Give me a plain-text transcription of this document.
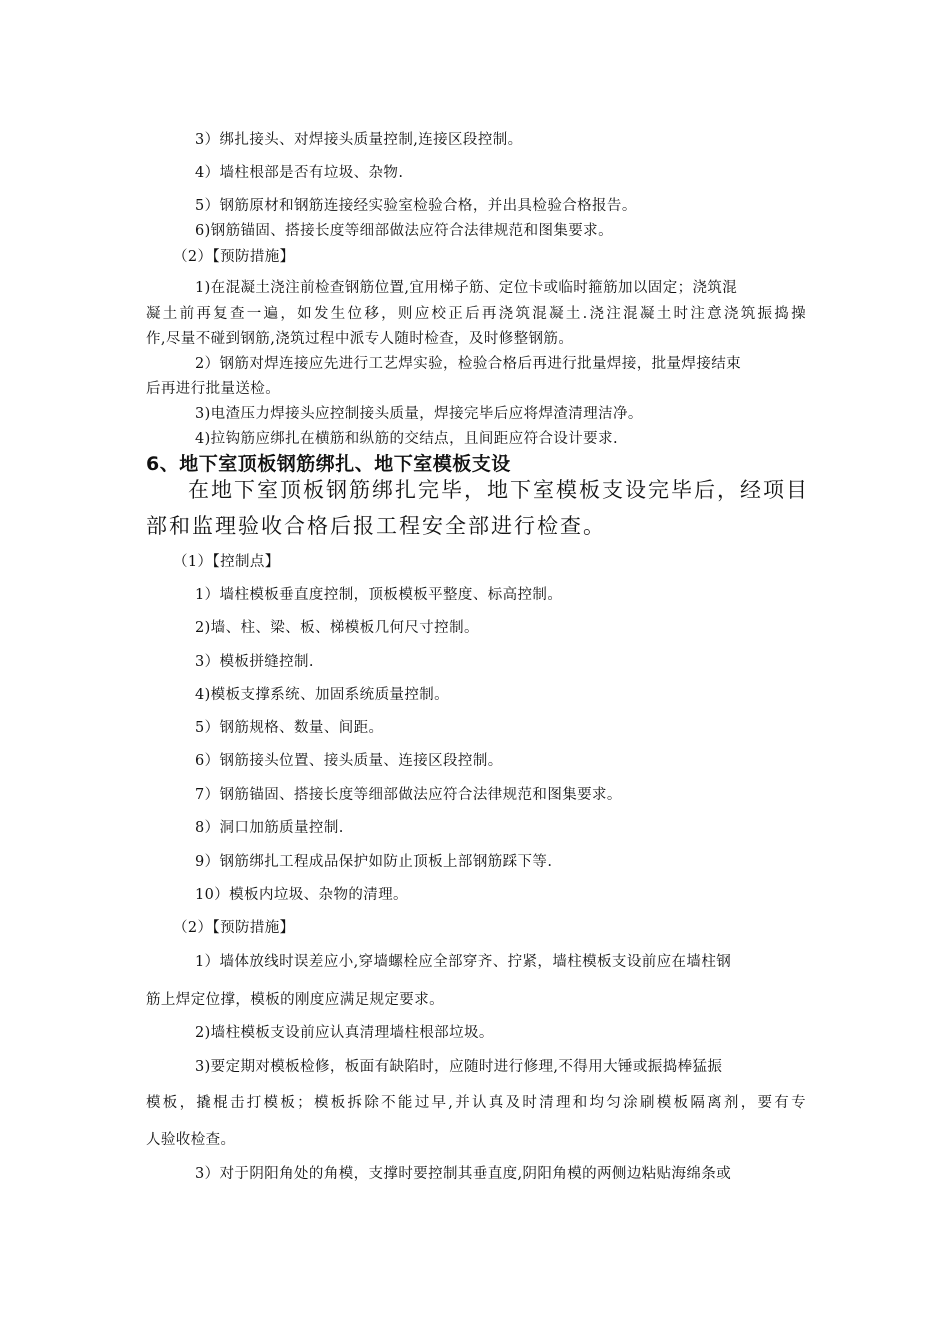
3）绑扎接头、对焊接头质量控制,连接区段控制。
4）墙柱根部是否有垃圾、杂物.
5）钢筋原材和钢筋连接经实验室检验合格，并出具检验合格报告。
6)钢筋锚固、搭接长度等细部做法应符合法律规范和图集要求。
（2）【预防措施】
1)在混凝土浇注前检查钢筋位置,宜用梯子筋、定位卡或临时箍筋加以固定；浇筑混
凝土前再复查一遍，如发生位移，则应校正后再浇筑混凝土.浇注混凝土时注意浇筑振捣操
作,尽量不碰到钢筋,浇筑过程中派专人随时检查，及时修整钢筋。
2）钢筋对焊连接应先进行工艺焊实验，检验合格后再进行批量焊接，批量焊接结束
后再进行批量送检。
3)电渣压力焊接头应控制接头质量，焊接完毕后应将焊渣清理洁净。
4)拉钩筋应绑扎在横筋和纵筋的交结点，且间距应符合设计要求.
6、地下室顶板钢筋绑扎、地下室模板支设
在地下室顶板钢筋绑扎完毕，地下室模板支设完毕后，经项目
部和监理验收合格后报工程安全部进行检查。
（1）【控制点】
1）墙柱模板垂直度控制，顶板模板平整度、标高控制。
2)墙、柱、梁、板、梯模板几何尺寸控制。
3）模板拼缝控制.
4)模板支撑系统、加固系统质量控制。
5）钢筋规格、数量、间距。
6）钢筋接头位置、接头质量、连接区段控制。
7）钢筋锚固、搭接长度等细部做法应符合法律规范和图集要求。
8）洞口加筋质量控制.
9）钢筋绑扎工程成品保护如防止顶板上部钢筋踩下等.
10）模板内垃圾、杂物的清理。
（2）【预防措施】
1）墙体放线时误差应小,穿墙螺栓应全部穿齐、拧紧，墙柱模板支设前应在墙柱钢
筋上焊定位撑，模板的刚度应满足规定要求。
2)墙柱模板支设前应认真清理墙柱根部垃圾。
3)要定期对模板检修，板面有缺陷时，应随时进行修理,不得用大锤或振捣棒猛振
模板，撬棍击打模板；模板拆除不能过早,并认真及时清理和均匀涂刷模板隔离剂，要有专
人验收检查。
3）对于阴阳角处的角模，支撑时要控制其垂直度,阴阳角模的两侧边粘贴海绵条或
